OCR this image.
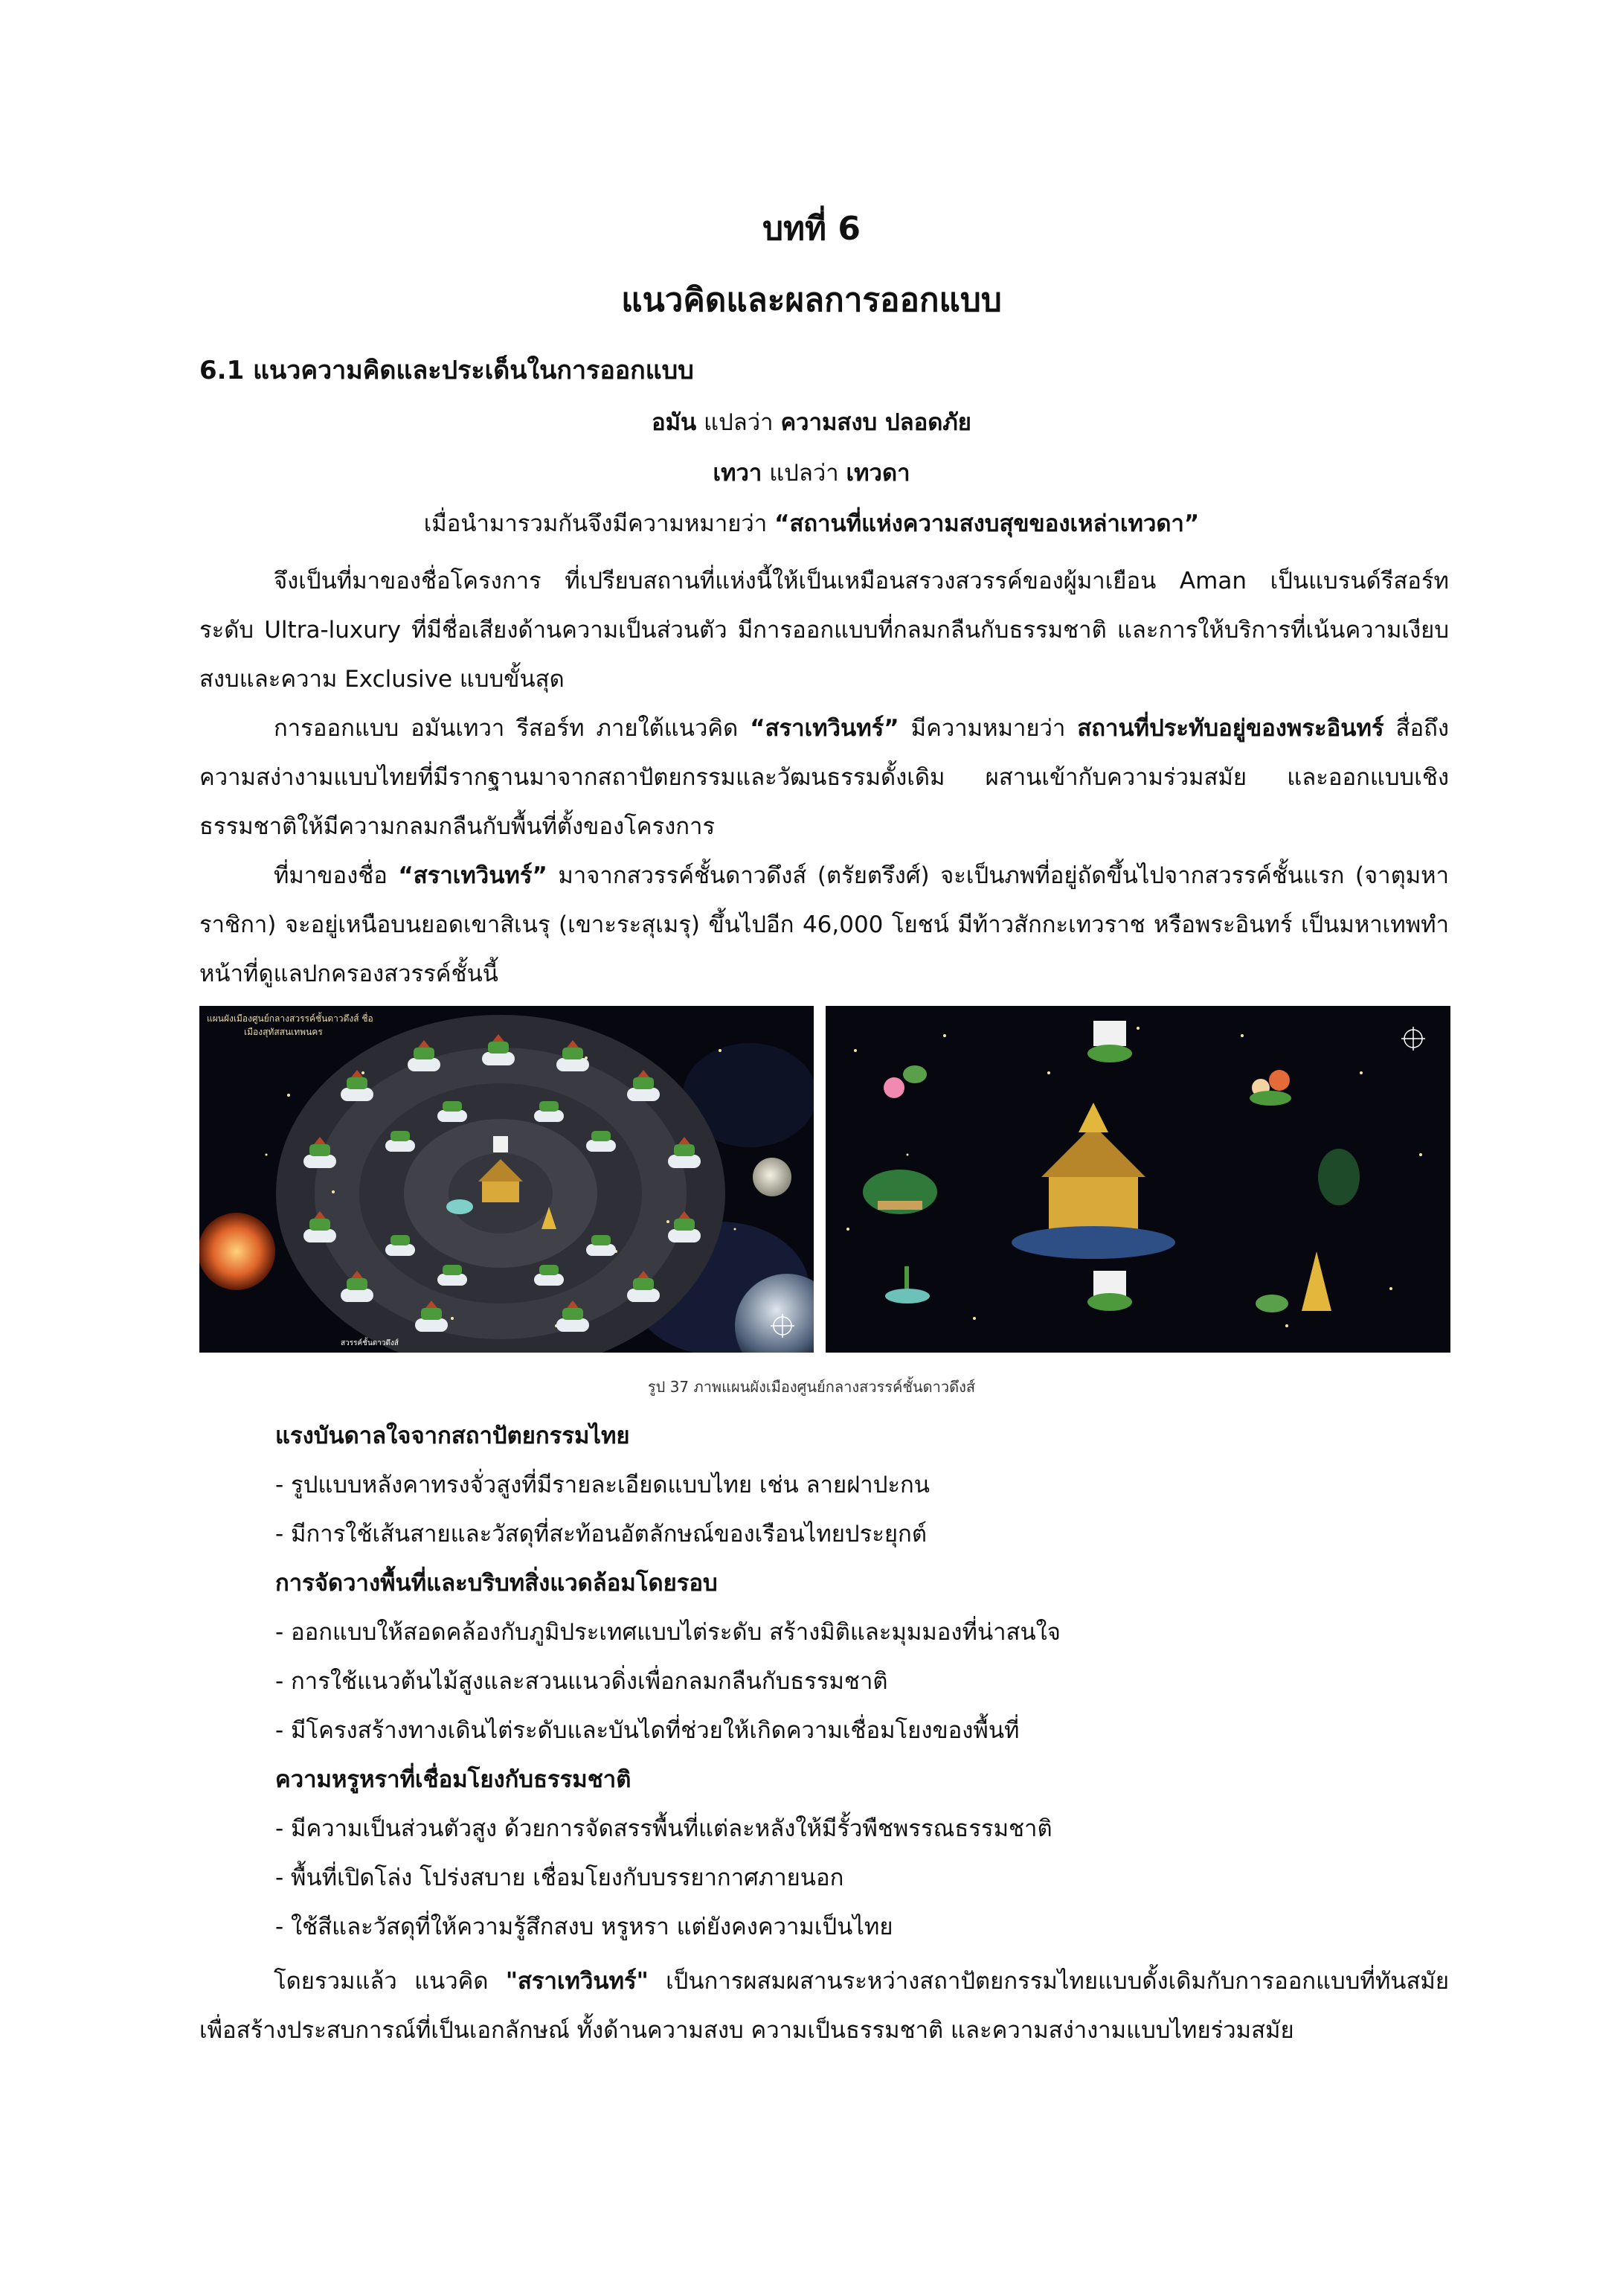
บทที่ 6
แนวคิดและผลการออกแบบ
6.1 แนวความคิดและประเด็นในการออกแบบ
อมัน แปลว่า ความสงบ ปลอดภัย
เทวา แปลว่า เทวดา
เมื่อนำมารวมกันจึงมีความหมายว่า “สถานที่แห่งความสงบสุขของเหล่าเทวดา”

จึงเป็นที่มาของชื่อโครงการ ที่เปรียบสถานที่แห่งนี้ให้เป็นเหมือนสรวงสวรรค์ของผู้มาเยือน Aman เป็นแบรนด์รีสอร์ทระดับ Ultra-luxury ที่มีชื่อเสียงด้านความเป็นส่วนตัว มีการออกแบบที่กลมกลืนกับธรรมชาติ และการให้บริการที่เน้นความเงียบสงบและความ Exclusive แบบขั้นสุด

การออกแบบ อมันเทวา รีสอร์ท ภายใต้แนวคิด “สราเทวินทร์” มีความหมายว่า สถานที่ประทับอยู่ของพระอินทร์ สื่อถึงความสง่างามแบบไทยที่มีรากฐานมาจากสถาปัตยกรรมและวัฒนธรรมดั้งเดิม ผสานเข้ากับความร่วมสมัย และออกแบบเชิงธรรมชาติให้มีความกลมกลืนกับพื้นที่ตั้งของโครงการ

ที่มาของชื่อ “สราเทวินทร์” มาจากสวรรค์ชั้นดาวดึงส์ (ตรัยตรึงศ์) จะเป็นภพที่อยู่ถัดขึ้นไปจากสวรรค์ชั้นแรก (จาตุมหาราชิกา) จะอยู่เหนือบนยอดเขาสิเนรุ (เขาะระสุเมรุ) ขึ้นไปอีก 46,000 โยชน์ มีท้าวสักกะเทวราช หรือพระอินทร์ เป็นมหาเทพทำหน้าที่ดูแลปกครองสวรรค์ชั้นนี้

แผนผังเมืองศูนย์กลางสวรรค์ชั้นดาวดึงส์ ชื่อ
เมืองสุทัสสนเทพนคร
สวรรค์ชั้นดาวดึงส์
รูป 37 ภาพแผนผังเมืองศูนย์กลางสวรรค์ชั้นดาวดึงส์
แรงบันดาลใจจากสถาปัตยกรรมไทย
- รูปแบบหลังคาทรงจั่วสูงที่มีรายละเอียดแบบไทย เช่น ลายฝาปะกน
- มีการใช้เส้นสายและวัสดุที่สะท้อนอัตลักษณ์ของเรือนไทยประยุกต์
การจัดวางพื้นที่และบริบทสิ่งแวดล้อมโดยรอบ
- ออกแบบให้สอดคล้องกับภูมิประเทศแบบไต่ระดับ สร้างมิติและมุมมองที่น่าสนใจ
- การใช้แนวต้นไม้สูงและสวนแนวดิ่งเพื่อกลมกลืนกับธรรมชาติ
- มีโครงสร้างทางเดินไต่ระดับและบันไดที่ช่วยให้เกิดความเชื่อมโยงของพื้นที่
ความหรูหราที่เชื่อมโยงกับธรรมชาติ
- มีความเป็นส่วนตัวสูง ด้วยการจัดสรรพื้นที่แต่ละหลังให้มีรั้วพืชพรรณธรรมชาติ
- พื้นที่เปิดโล่ง โปร่งสบาย เชื่อมโยงกับบรรยากาศภายนอก
- ใช้สีและวัสดุที่ให้ความรู้สึกสงบ หรูหรา แต่ยังคงความเป็นไทย

โดยรวมแล้ว แนวคิด "สราเทวินทร์" เป็นการผสมผสานระหว่างสถาปัตยกรรมไทยแบบดั้งเดิมกับการออกแบบที่ทันสมัย เพื่อสร้างประสบการณ์ที่เป็นเอกลักษณ์ ทั้งด้านความสงบ ความเป็นธรรมชาติ และความสง่างามแบบไทยร่วมสมัย
